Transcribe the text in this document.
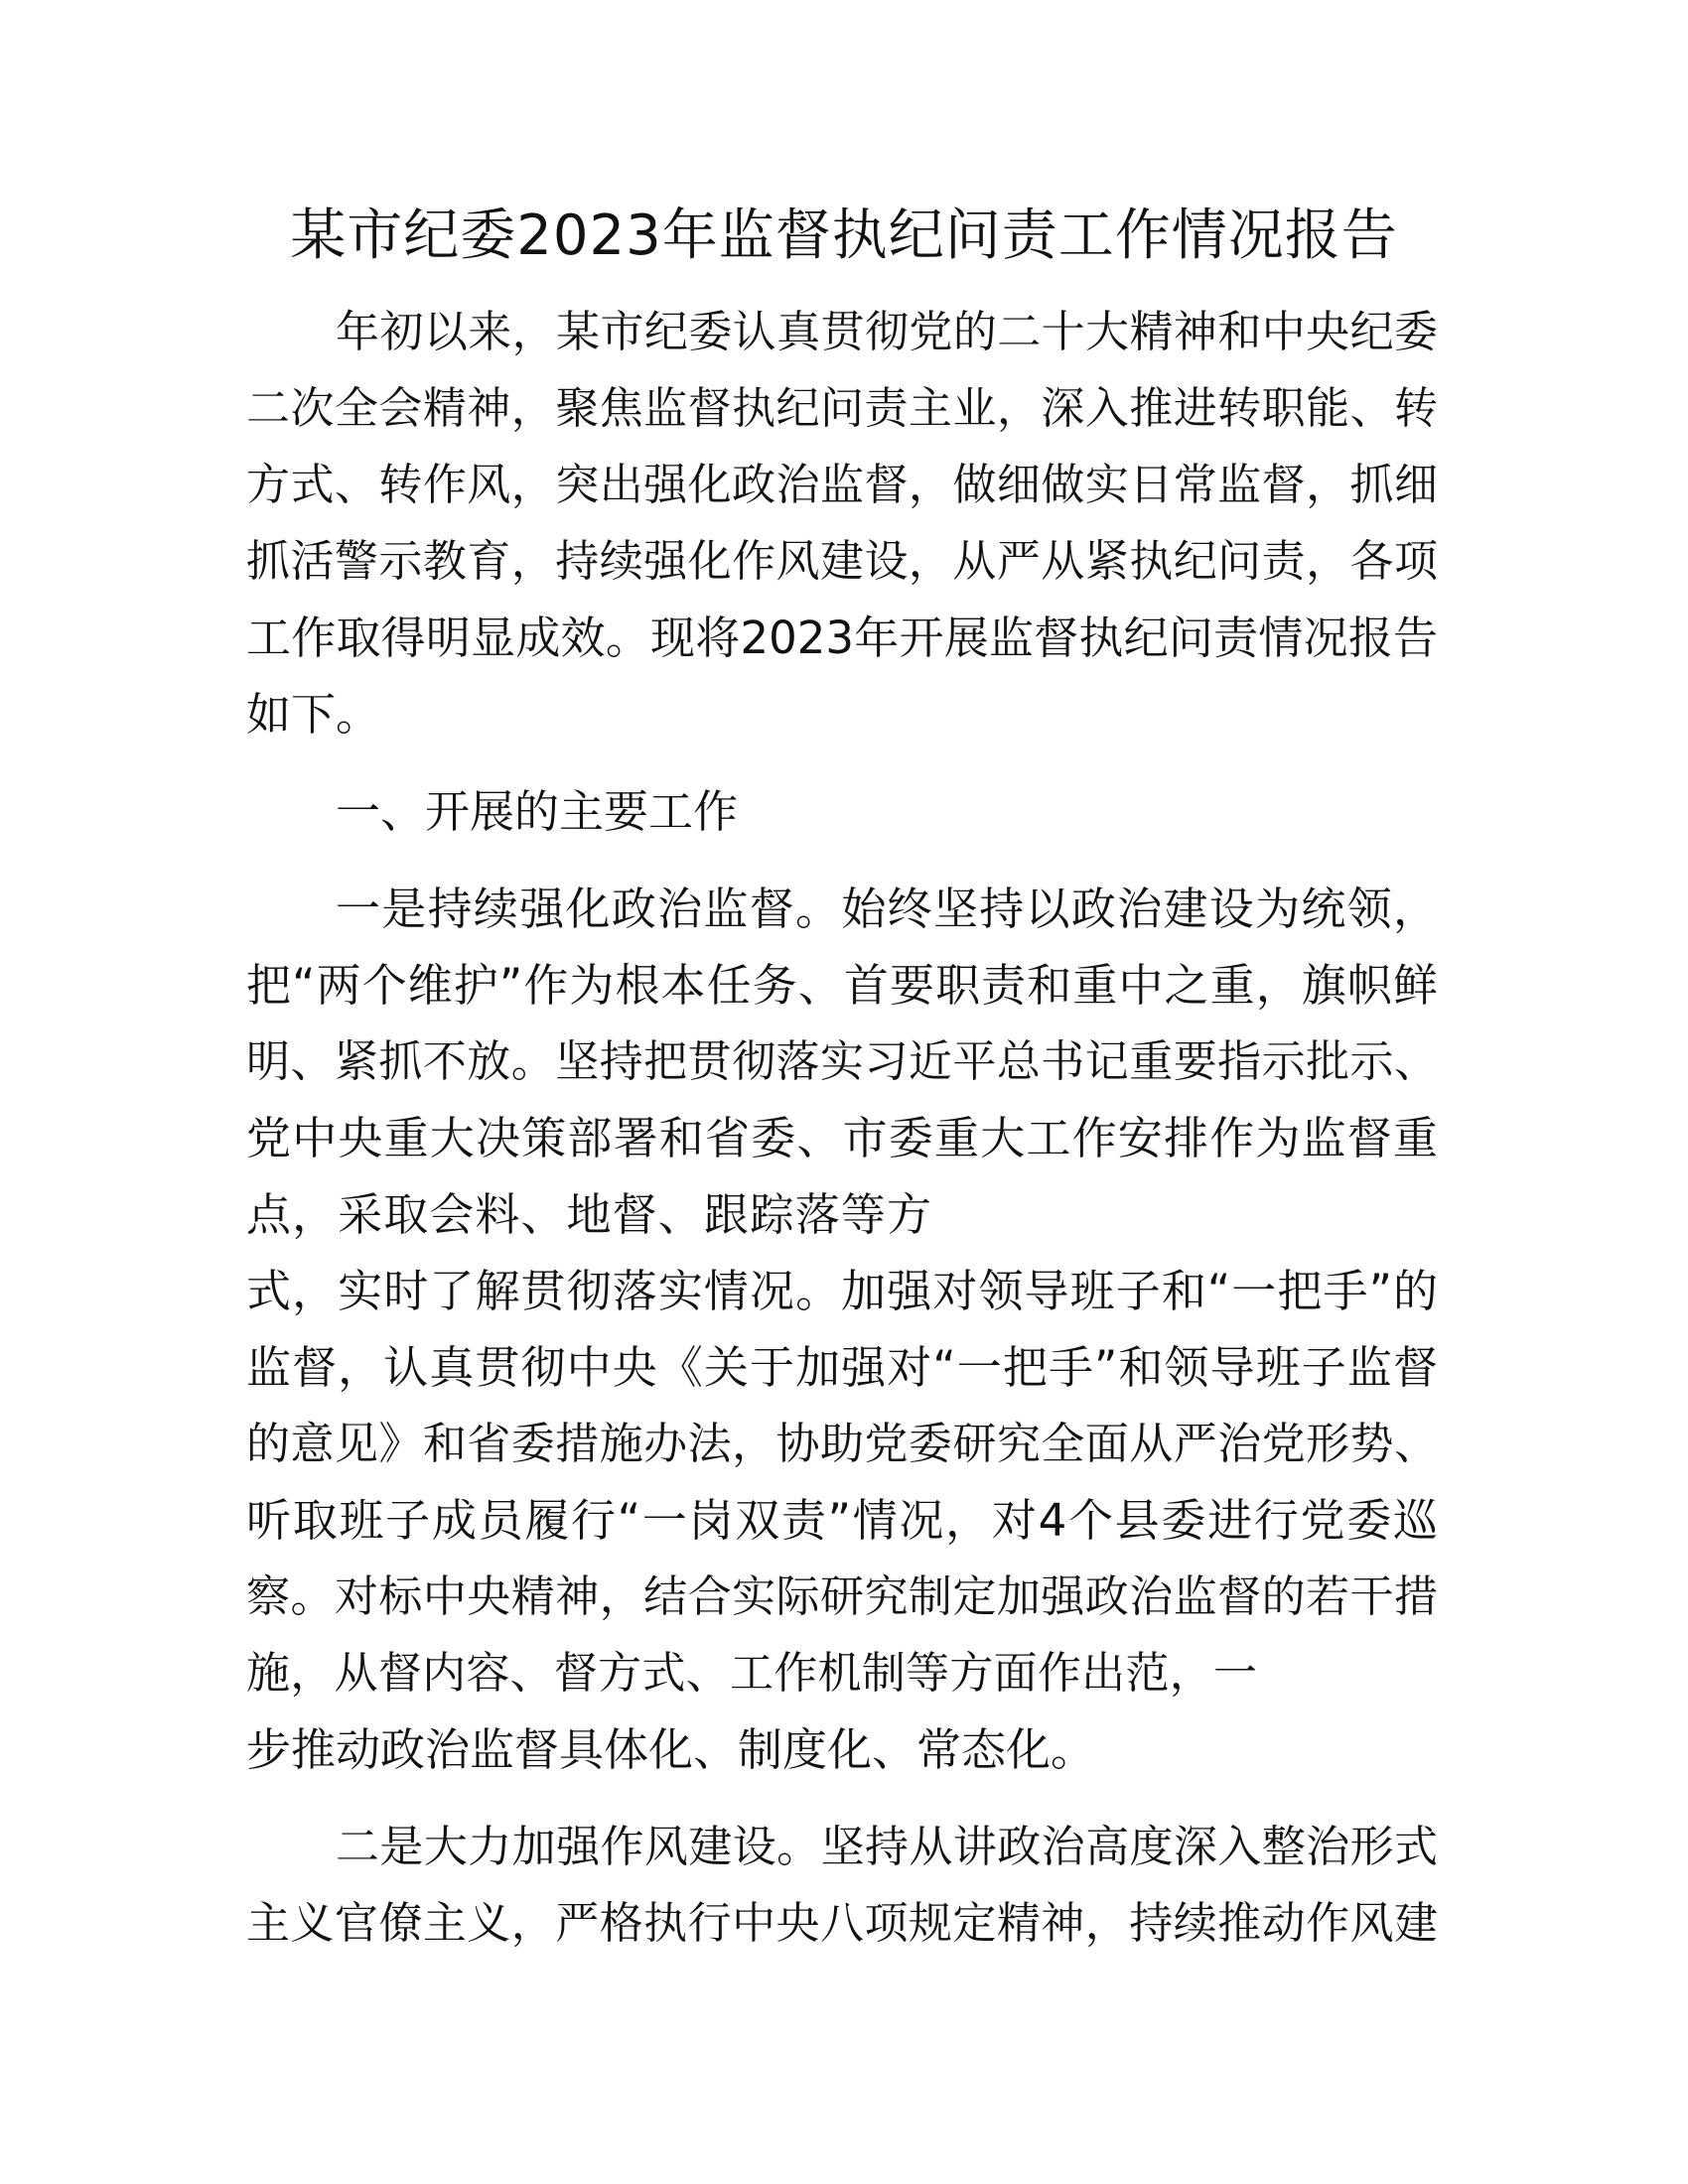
某市纪委2023年监督执纪问责工作情况报告

年初以来，某市纪委认真贯彻党的二十大精神和中央纪委

二次全会精神，聚焦监督执纪问责主业，深入推进转职能、转

方式、转作风，突出强化政治监督，做细做实日常监督，抓细

抓活警示教育，持续强化作风建设，从严从紧执纪问责，各项

工作取得明显成效。现将2023年开展监督执纪问责情况报告

如下。

一、开展的主要工作

一是持续强化政治监督。始终坚持以政治建设为统领，

把“两个维护”作为根本任务、首要职责和重中之重，旗帜鲜

明、紧抓不放。坚持把贯彻落实习近平总书记重要指示批示、

党中央重大决策部署和省委、市委重大工作安排作为监督重

点，采取会料、地督、跟踪落等方

式，实时了解贯彻落实情况。加强对领导班子和“一把手”的

监督，认真贯彻中央《关于加强对“一把手”和领导班子监督

的意见》和省委措施办法，协助党委研究全面从严治党形势、

听取班子成员履行“一岗双责”情况，对4个县委进行党委巡

察。对标中央精神，结合实际研究制定加强政治监督的若干措

施，从督内容、督方式、工作机制等方面作出范，一

步推动政治监督具体化、制度化、常态化。

二是大力加强作风建设。坚持从讲政治高度深入整治形式

主义官僚主义，严格执行中央八项规定精神，持续推动作风建
